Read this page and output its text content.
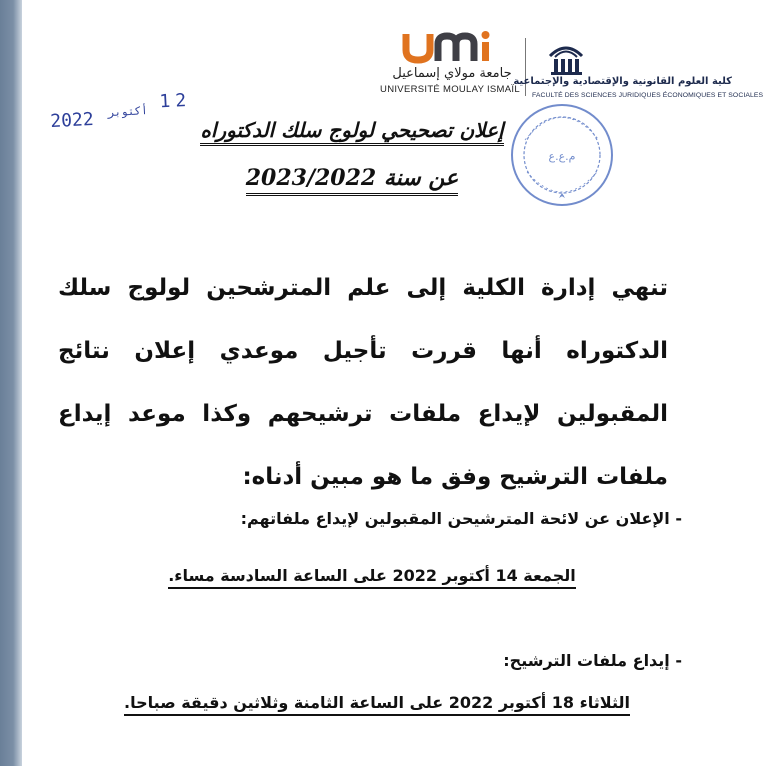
جامعة مولاي إسماعيل
UNIVERSITÉ MOULAY ISMAÏL
كلية العلوم القانونية والإقتصادية والإجتماعية
FACULTÉ DES SCIENCES JURIDIQUES ÉCONOMIQUES ET SOCIALES
2022 أكتوبر 12
م.ع.ع
إعلان تصحيحي لولوج سلك الدكتوراه
عن سنة 2023/2022
تنهي إدارة الكلية إلى علم المترشحين لولوج سلك الدكتوراه أنها قررت تأجيل موعدي إعلان نتائج المقبولين لإيداع ملفات ترشيحهم وكذا موعد إيداع ملفات الترشيح وفق ما هو مبين أدناه:
- الإعلان عن لائحة المترشيحن المقبولين لإيداع ملفاتهم:
الجمعة 14 أكتوبر 2022 على الساعة السادسة مساء.
- إيداع ملفات الترشيح:
الثلاثاء 18 أكتوبر 2022 على الساعة الثامنة وثلاثين دقيقة صباحا.
